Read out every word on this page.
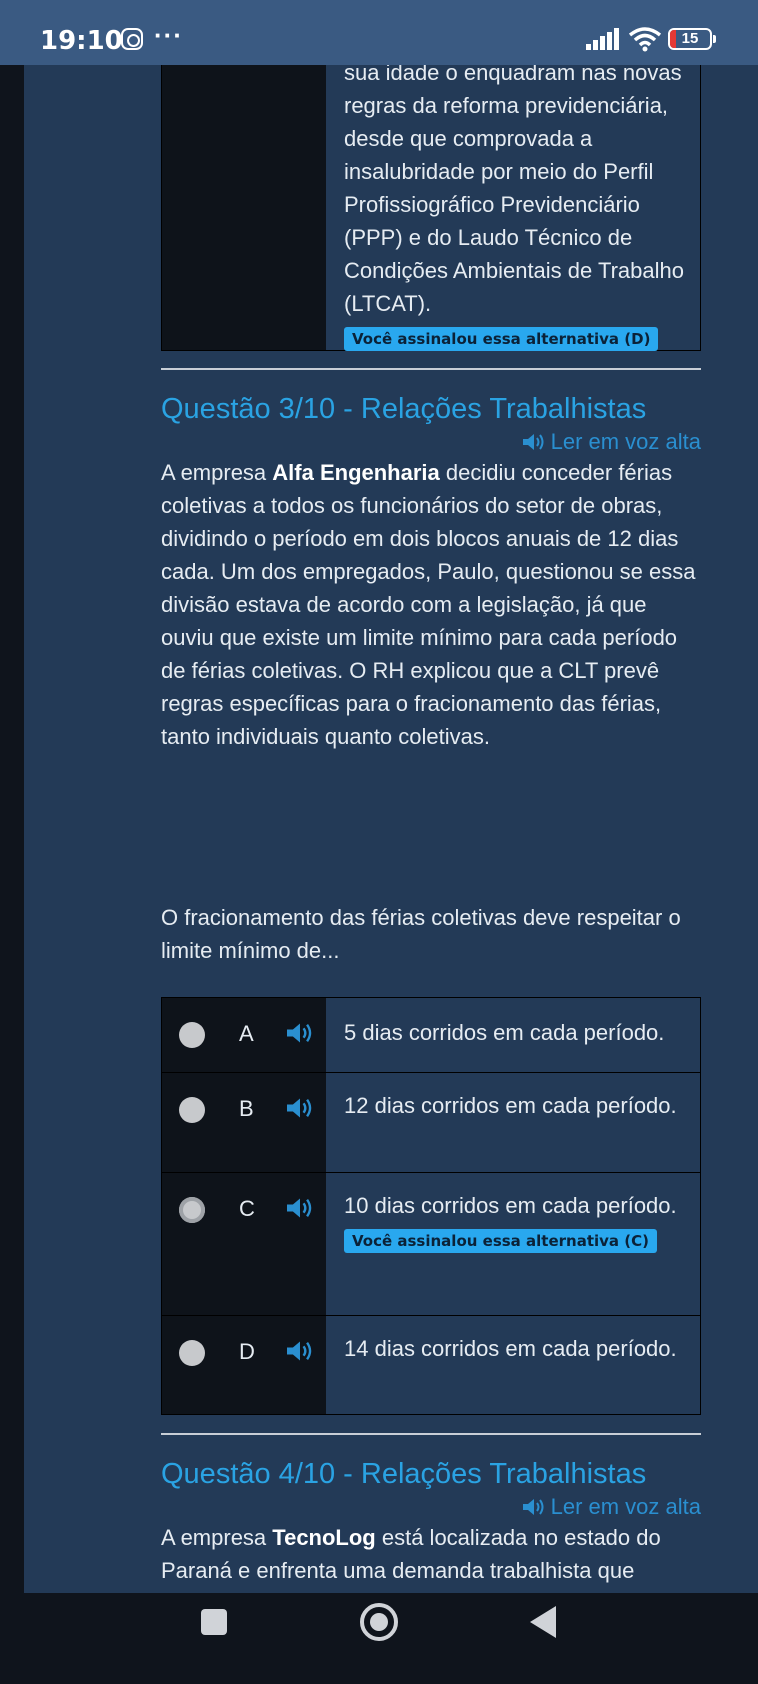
19:10 ···	15
sua idade o enquadram nas novas regras da reforma previdenciária, desde que comprovada a insalubridade por meio do Perfil Profissiográfico Previdenciário (PPP) e do Laudo Técnico de Condições Ambientais de Trabalho (LTCAT).
Você assinalou essa alternativa (D)
Questão 3/10 - Relações Trabalhistas
Ler em voz alta
A empresa Alfa Engenharia decidiu conceder férias coletivas a todos os funcionários do setor de obras, dividindo o período em dois blocos anuais de 12 dias cada. Um dos empregados, Paulo, questionou se essa divisão estava de acordo com a legislação, já que ouviu que existe um limite mínimo para cada período de férias coletivas. O RH explicou que a CLT prevê regras específicas para o fracionamento das férias, tanto individuais quanto coletivas.
O fracionamento das férias coletivas deve respeitar o limite mínimo de...
A	5 dias corridos em cada período.
B	12 dias corridos em cada período.
C	10 dias corridos em cada período.
Você assinalou essa alternativa (C)
D	14 dias corridos em cada período.
Questão 4/10 - Relações Trabalhistas
Ler em voz alta
A empresa TecnoLog está localizada no estado do Paraná e enfrenta uma demanda trabalhista que
